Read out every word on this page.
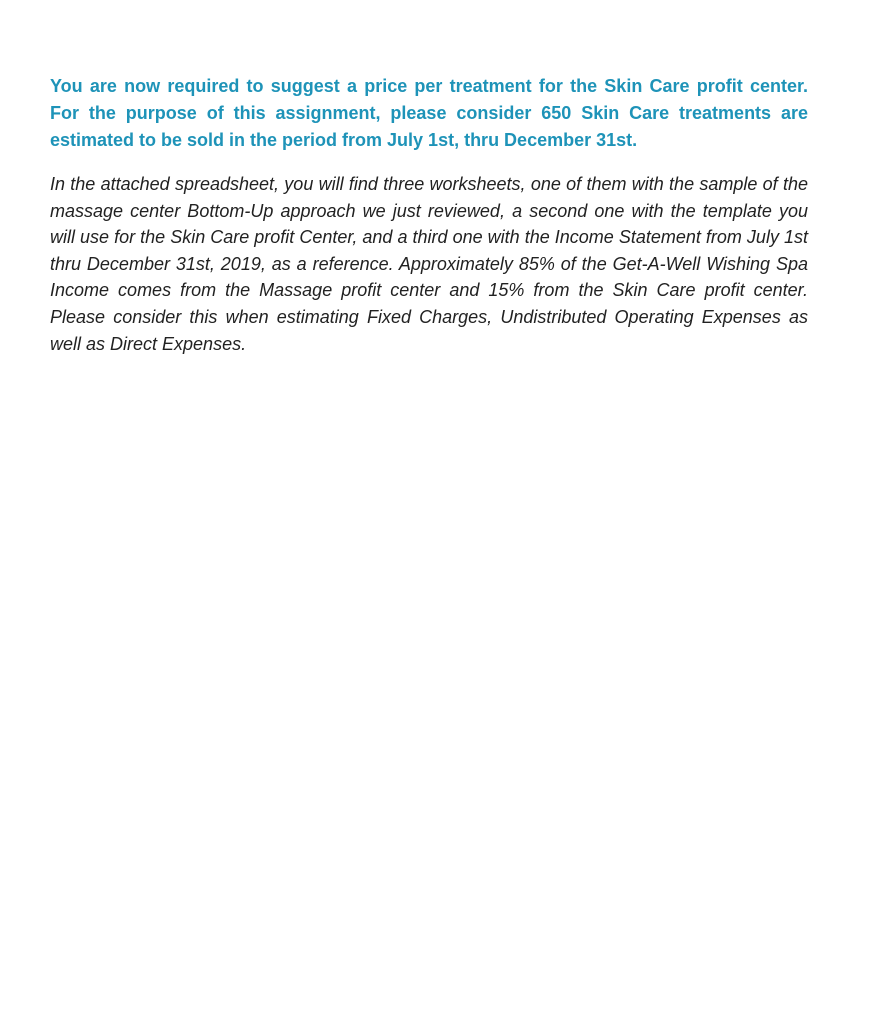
You are now required to suggest a price per treatment for the Skin Care profit center. For the purpose of this assignment, please consider 650 Skin Care treatments are estimated to be sold in the period from July 1st, thru December 31st.

In the attached spreadsheet, you will find three worksheets, one of them with the sample of the massage center Bottom-Up approach we just reviewed, a second one with the template you will use for the Skin Care profit Center, and a third one with the Income Statement from July 1st thru December 31st, 2019, as a reference. Approximately 85% of the Get-A-Well Wishing Spa Income comes from the Massage profit center and 15% from the Skin Care profit center. Please consider this when estimating Fixed Charges, Undistributed Operating Expenses as well as Direct Expenses.
